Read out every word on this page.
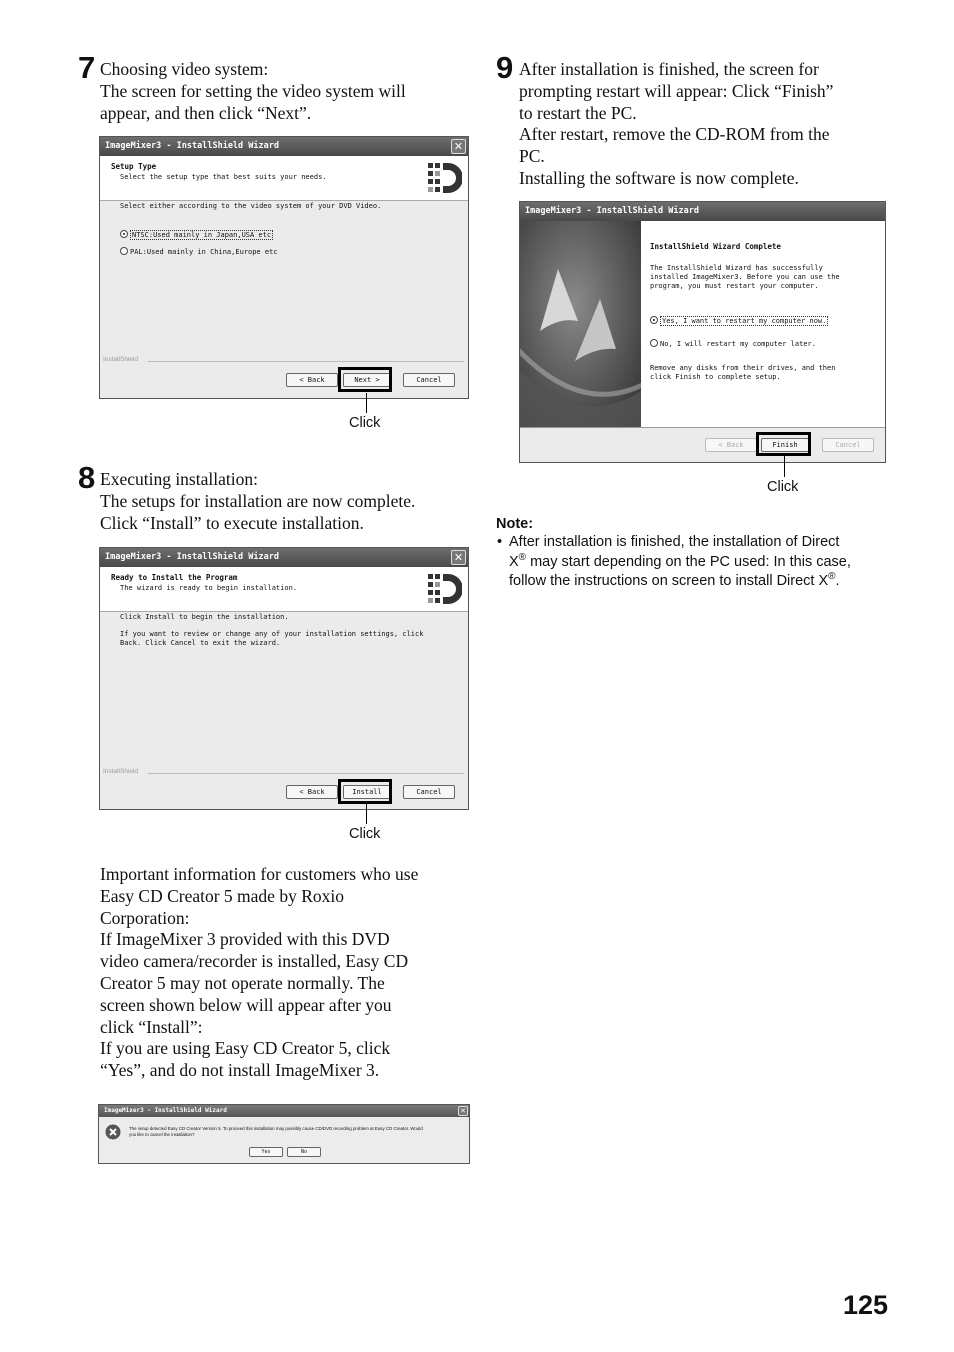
7 Choosing video system:
The screen for setting the video system will
appear, and then click “Next”.
ImageMixer3 - InstallShield Wizard	✕
Setup Type
Select the setup type that best suits your needs.
Select either according to the video system of your DVD Video.
NTSC:Used mainly in Japan,USA etc
PAL:Used mainly in China,Europe etc
InstallShield
< Back	Next >	Cancel
Click
8 Executing installation:
The setups for installation are now complete.
Click “Install” to execute installation.
ImageMixer3 - InstallShield Wizard	✕
Ready to Install the Program
The wizard is ready to begin installation.
Click Install to begin the installation.
If you want to review or change any of your installation settings, click
Back. Click Cancel to exit the wizard.
InstallShield
< Back	Install	Cancel
Click
Important information for customers who use
Easy CD Creator 5 made by Roxio
Corporation:
If ImageMixer 3 provided with this DVD
video camera/recorder is installed, Easy CD
Creator 5 may not operate normally. The
screen shown below will appear after you
click “Install”:
If you are using Easy CD Creator 5, click
“Yes”, and do not install ImageMixer 3.
ImageMixer3 - InstallShield Wizard	✕
The setup detected Easy CD Creator Version 5. To proceed this installation may possibly cause CD/DVD recording problem at Easy CD Creator. Would
you like to cancel the installation?
Yes	No
9 After installation is finished, the screen for
prompting restart will appear: Click “Finish”
to restart the PC.
After restart, remove the CD-ROM from the
PC.
Installing the software is now complete.
ImageMixer3 - InstallShield Wizard
InstallShield Wizard Complete
The InstallShield Wizard has successfully
installed ImageMixer3. Before you can use the
program, you must restart your computer.
Yes, I want to restart my computer now.
No, I will restart my computer later.
Remove any disks from their drives, and then
click Finish to complete setup.
< Back	Finish	Cancel
Click
Note:
• After installation is finished, the installation of Direct
X® may start depending on the PC used: In this case,
follow the instructions on screen to install Direct X®.
125
